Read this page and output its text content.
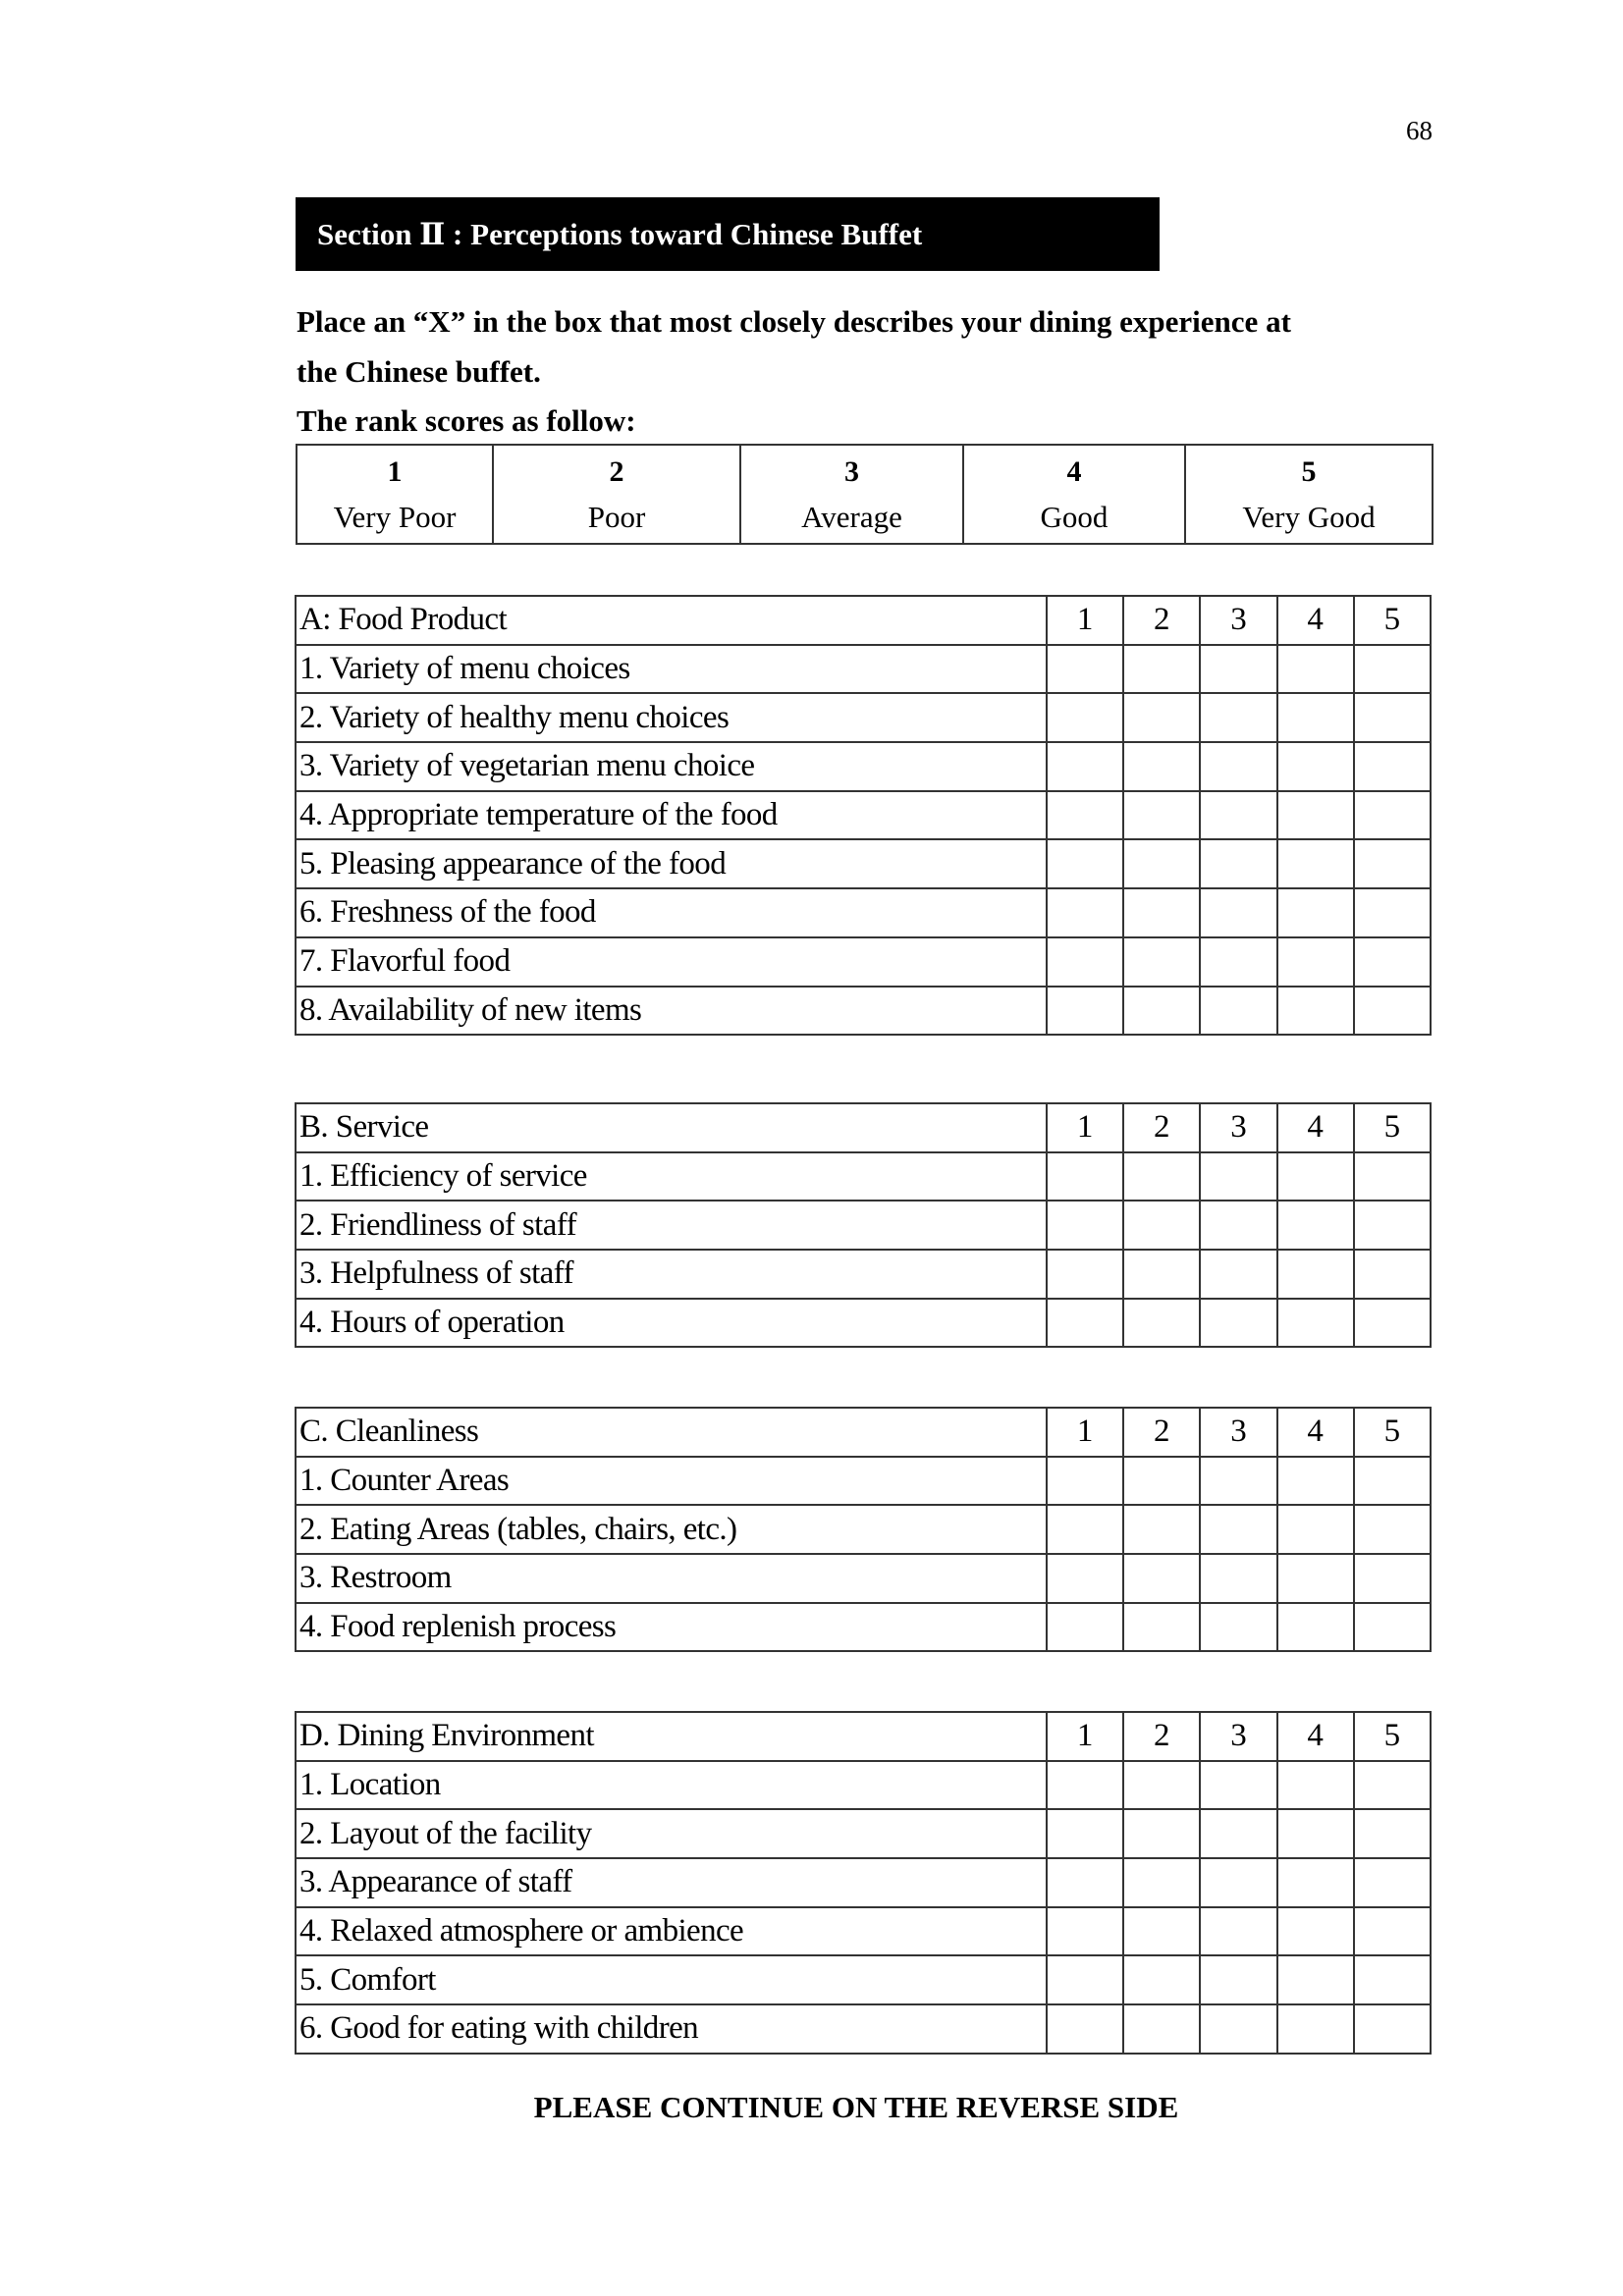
68
Section Ⅱ : Perceptions toward Chinese Buffet
Place an “X” in the box that most closely describes your dining experience at
the Chinese buffet.
The rank scores as follow:
1
Very Poor

2
Poor

3
Average

4
Good

5
Very Good
A: Food Product	1	2	3	4	5
1. Variety of menu choices					
2. Variety of healthy menu choices					
3. Variety of vegetarian menu choice					
4. Appropriate temperature of the food					
5. Pleasing appearance of the food					
6. Freshness of the food					
7. Flavorful food					
8. Availability of new items					
B. Service	1	2	3	4	5
1. Efficiency of service					
2. Friendliness of staff					
3. Helpfulness of staff					
4. Hours of operation					
C. Cleanliness	1	2	3	4	5
1. Counter Areas					
2. Eating Areas (tables, chairs, etc.)					
3. Restroom					
4. Food replenish process					
D. Dining Environment	1	2	3	4	5
1. Location					
2. Layout of the facility					
3. Appearance of staff					
4. Relaxed atmosphere or ambience					
5. Comfort					
6. Good for eating with children					
PLEASE CONTINUE ON THE REVERSE SIDE
